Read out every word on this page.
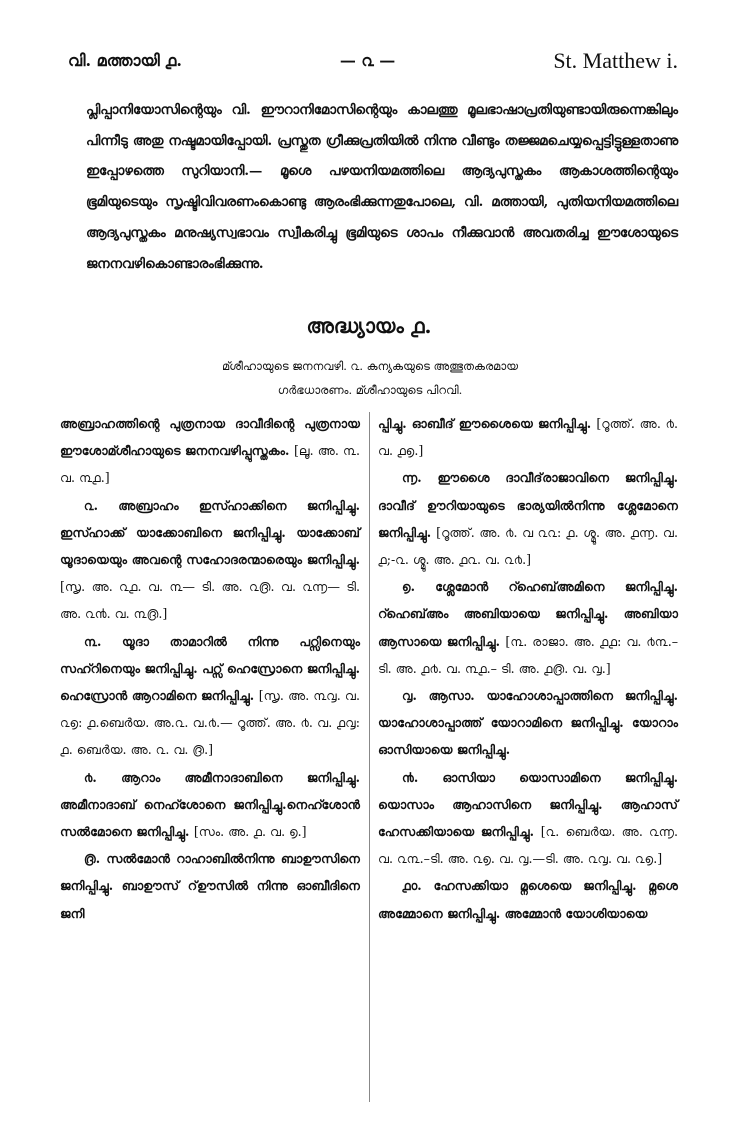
വി. മത്തായി ൧.	— ൨ —	St. Matthew i.
പ്ലിപ്പാനിയോസിന്റെയും വി. ഈറാനിമോസിന്റെയും കാലത്തു മൂലഭാഷാപ്രതിയുണ്ടായിരുന്നെങ്കിലും പിന്നീടു അതു നഷ്ടമായിപ്പോയി. പ്രസ്തുത ഗ്രീക്കുപ്രതിയിൽ നിന്നു വീണ്ടും തജ്ജമചെയ്യപ്പെട്ടിട്ടുള്ളതാണു ഇപ്പോഴത്തെ സുറിയാനി.— മൂശെ പഴയനിയമത്തിലെ ആദ്യപുസ്തകം ആകാശത്തിന്റെയും ഭൂമിയുടെയും സൃഷ്ടിവിവരണംകൊണ്ടു ആരംഭിക്കുന്നതുപോലെ, വി. മത്തായി, പുതിയനിയമത്തിലെ ആദ്യപുസ്തകം മനുഷ്യസ്വഭാവം സ്വീകരിച്ചു ഭൂമിയുടെ ശാപം നീക്കുവാൻ അവതരിച്ച ഈശോയുടെ ജനനവഴികൊണ്ടാരംഭിക്കുന്നു.
അദ്ധ്യായം ൧.
മ്ശീഹായുടെ ജനനവഴി. ൨. കന്യകയുടെ അത്ഭുതകരമായ
ഗർഭധാരണം. മ്ശീഹായുടെ പിറവി.

അബ്രാഹത്തിന്റെ പുത്രനായ ദാവീദിന്റെ പുത്രനായ ഈശോമ്ശീഹായുടെ ജനനവഴിപ്പുസ്തകം. [ലൂ. അ. ൩. വ. ൩൧.]

൨. അബ്രാഹം ഇസ്ഹാക്കിനെ ജനിപ്പിച്ചു. ഇസ്ഹാക്ക് യാക്കോബിനെ ജനിപ്പിച്ചു. യാക്കോബ് യൂദായെയും അവന്റെ സഹോദരന്മാരെയും ജനിപ്പിച്ചു. [സൃ. അ. ൨൧. വ. ൩— ടി. അ. ൨൫. വ. ൨൬— ടി. അ. ൨൯. വ. ൩൫.]

൩. യൂദാ താമാറിൽ നിന്നു പറ്സിനെയും സഹ്റിനെയും ജനിപ്പിച്ചു. പറ്സ് ഹെസ്രോനെ ജനിപ്പിച്ചു. ഹെസ്രോൻ ആറാമിനെ ജനിപ്പിച്ചു. [സൃ. അ. ൩൮. വ. ൨൭: ൧.ബെർയ. അ.൨. വ.൪.— റൂത്ത്. അ. ൪. വ. ൧൮: ൧. ബെർയ. അ. ൨. വ. ൫.]

൪. ആറാം അമീനാദാബിനെ ജനിപ്പിച്ചു. അമീനാദാബ് നെഹ്ശോനെ ജനിപ്പിച്ചു.നെഹ്ശോൻ സൽമോനെ ജനിപ്പിച്ചു. [സം. അ. ൧. വ. ൭.]

൫. സൽമോൻ റാഹാബിൽനിന്നു ബാഊസിനെ ജനിപ്പിച്ചു. ബാഊസ് റ്ഊസിൽ നിന്നു ഓബീദിനെ ജനി

പ്പിച്ചു. ഓബീദ് ഈശൈയെ ജനിപ്പിച്ചു. [റൂത്ത്. അ. ൪. വ. ൧൭.]

൬. ഈശൈ ദാവീദ്‌രാജാവിനെ ജനിപ്പിച്ചു. ദാവീദ് ഊറിയായുടെ ഭാര്യയിൽനിന്നു ശ്ലേമോനെ ജനിപ്പിച്ചു. [റൂത്ത്. അ. ൪. വ ൨൨: ൧. ശ്മൂ. അ. ൧൬. വ. ൧;-൨. ശ്മൂ. അ. ൧൨. വ. ൨൪.]

൭. ശ്ലേമോൻ റ്ഹെബ്അമിനെ ജനിപ്പിച്ചു. റ്ഹെബ്അം അബിയായെ ജനിപ്പിച്ചു. അബിയാ ആസായെ ജനിപ്പിച്ചു. [൩. രാജാ. അ. ൧൧: വ. ൪൩.–ടി. അ. ൧൪. വ. ൩൧.– ടി. അ. ൧൫. വ. ൮.]

൮. ആസാ. യാഹോശാപ്പാത്തിനെ ജനിപ്പിച്ചു. യാഹോശാപ്പാത്ത് യോറാമിനെ ജനിപ്പിച്ചു. യോറാം ഓസിയായെ ജനിപ്പിച്ചു.

൯. ഓസിയാ യൊസാമിനെ ജനിപ്പിച്ചു. യൊസാം ആഹാസിനെ ജനിപ്പിച്ചു. ആഹാസ് ഹേസക്കിയായെ ജനിപ്പിച്ചു. [൨. ബെർയ. അ. ൨൬. വ. ൨൩.–ടി. അ. ൨൭. വ. ൮.—ടി. അ. ൨൮. വ. ൨൭.]

൧൦. ഹേസക്കിയാ മ്നശെയെ ജനിപ്പിച്ചു. മ്നശെ അമ്മോനെ ജനിപ്പിച്ചു. അമ്മോൻ യോശിയായെ
